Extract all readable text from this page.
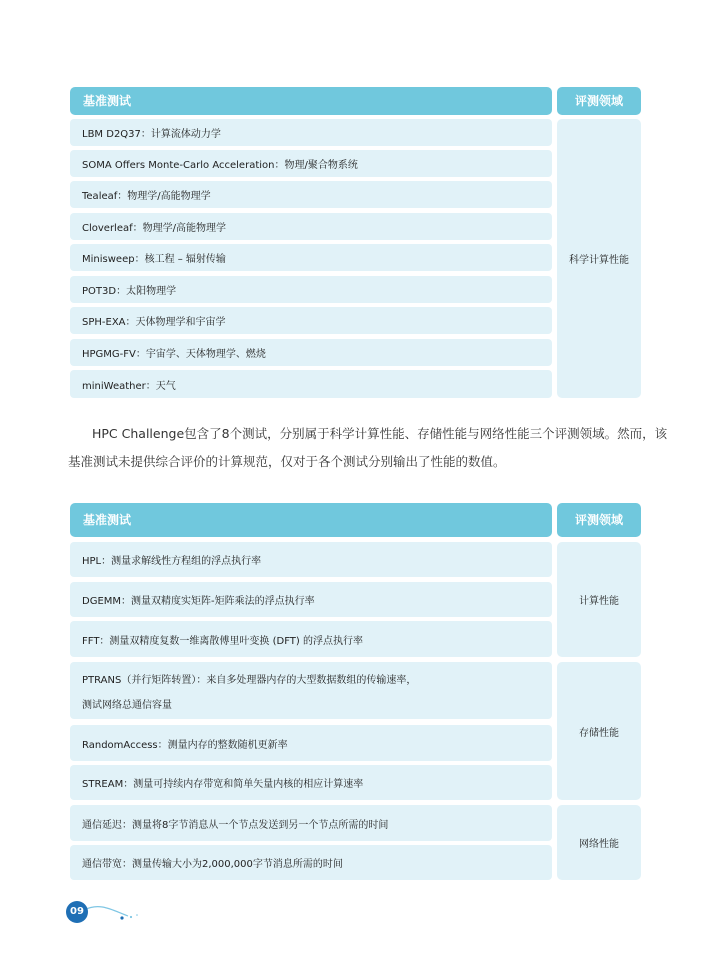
基准测试	评测领域
LBM D2Q37：计算流体动力学
SOMA Offers Monte-Carlo Acceleration：物理/聚合物系统
Tealeaf：物理学/高能物理学
Cloverleaf：物理学/高能物理学
Minisweep：核工程 – 辐射传输
POT3D：太阳物理学
SPH-EXA：天体物理学和宇宙学
HPGMG-FV：宇宙学、天体物理学、燃烧
miniWeather：天气
科学计算性能

HPC Challenge包含了8个测试，分别属于科学计算性能、存储性能与网络性能三个评测领域。然而，该

基准测试未提供综合评价的计算规范，仅对于各个测试分别输出了性能的数值。

基准测试	评测领域
HPL：测量求解线性方程组的浮点执行率
DGEMM：测量双精度实矩阵-矩阵乘法的浮点执行率
FFT：测量双精度复数一维离散傅里叶变换 (DFT) 的浮点执行率
PTRANS（并行矩阵转置）：来自多处理器内存的大型数据数组的传输速率，
测试网络总通信容量
RandomAccess：测量内存的整数随机更新率
STREAM：测量可持续内存带宽和简单矢量内核的相应计算速率
通信延迟：测量将8字节消息从一个节点发送到另一个节点所需的时间
通信带宽：测量传输大小为2,000,000字节消息所需的时间
计算性能
存储性能
网络性能
09
